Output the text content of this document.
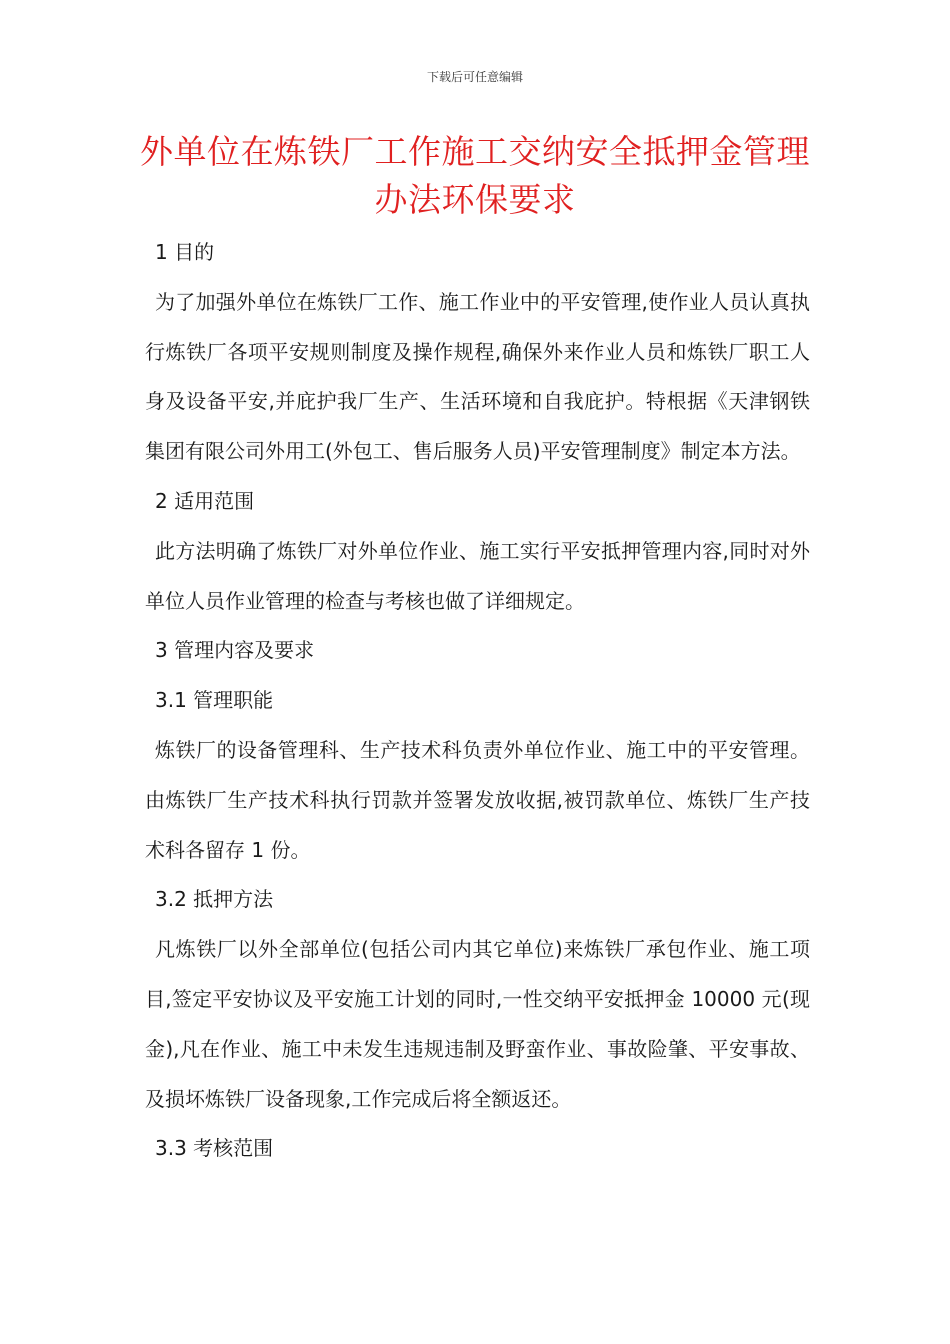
下载后可任意编辑
外单位在炼铁厂工作施工交纳安全抵押金管理办法环保要求
1 目的
为了加强外单位在炼铁厂工作、施工作业中的平安管理,使作业人员认真执行炼铁厂各项平安规则制度及操作规程,确保外来作业人员和炼铁厂职工人身及设备平安,并庇护我厂生产、生活环境和自我庇护。特根据《天津钢铁集团有限公司外用工(外包工、售后服务人员)平安管理制度》制定本方法。
2 适用范围
此方法明确了炼铁厂对外单位作业、施工实行平安抵押管理内容,同时对外单位人员作业管理的检查与考核也做了详细规定。
3 管理内容及要求
3.1 管理职能
炼铁厂的设备管理科、生产技术科负责外单位作业、施工中的平安管理。由炼铁厂生产技术科执行罚款并签署发放收据,被罚款单位、炼铁厂生产技术科各留存 1 份。
3.2 抵押方法
凡炼铁厂以外全部单位(包括公司内其它单位)来炼铁厂承包作业、施工项目,签定平安协议及平安施工计划的同时,一性交纳平安抵押金 10000 元(现金),凡在作业、施工中未发生违规违制及野蛮作业、事故险肇、平安事故、及损坏炼铁厂设备现象,工作完成后将全额返还。
3.3 考核范围
